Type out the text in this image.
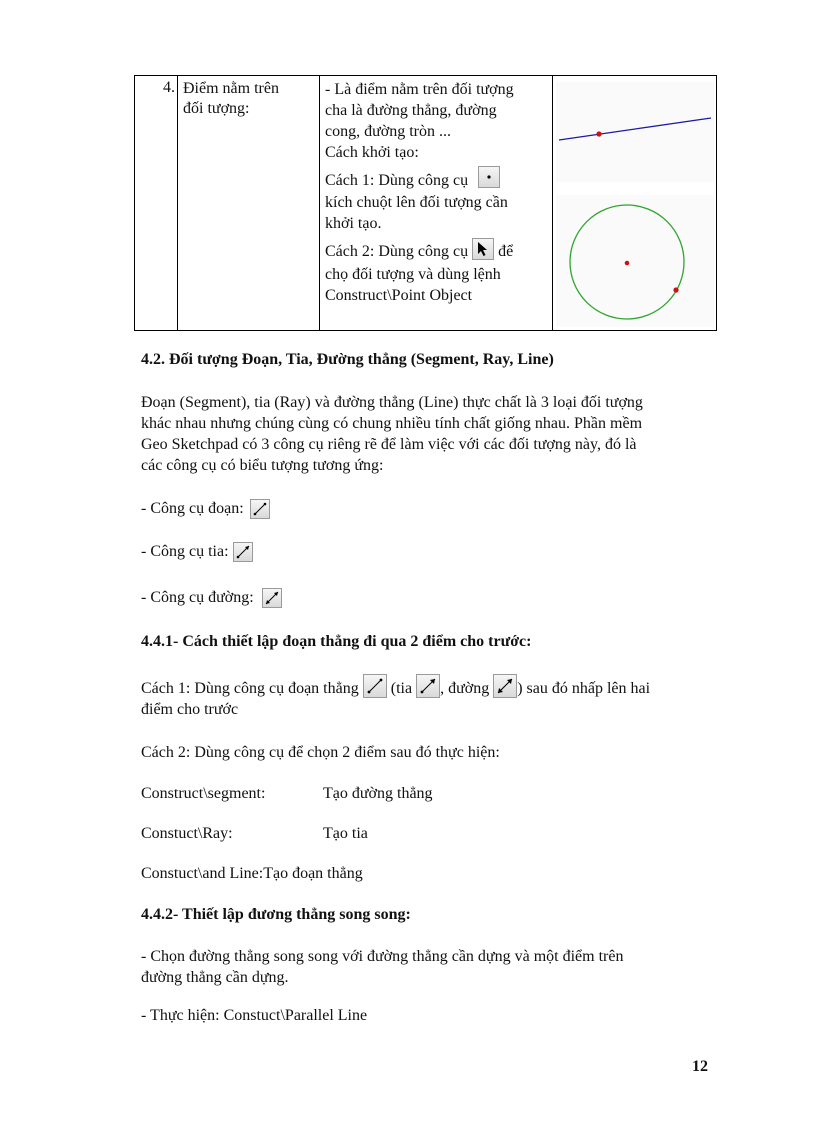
4. Điểm nằm trên
đối tượng:

- Là điểm nằm trên đối tượng

cha là đường thẳng, đường

cong, đường tròn ...

Cách khởi tạo:

Cách 1: Dùng công cụ

kích chuột lên đối tượng cần

khởi tạo.

Cách 2: Dùng công cụ để

chọ đối tượng và dùng lệnh

Construct\Point Object

4.2. Đối tượng Đoạn, Tia, Đường thẳng (Segment, Ray, Line)
Đoạn (Segment), tia (Ray) và đường thẳng (Line) thực chất là 3 loại đối tượng
khác nhau nhưng chúng cùng có chung nhiều tính chất giống nhau. Phần mềm
Geo Sketchpad có 3 công cụ riêng rẽ để làm việc với các đối tượng này, đó là
các công cụ có biểu tượng tương ứng:
- Công cụ đoạn:
- Công cụ tia:
- Công cụ đường:
4.4.1- Cách thiết lập đoạn thẳng đi qua 2 điểm cho trước:
Cách 1: Dùng công cụ đoạn thẳng (tia , đường ) sau đó nhấp lên hai
điểm cho trước
Cách 2: Dùng công cụ để chọn 2 điểm sau đó thực hiện:
Construct\segment:	Tạo đường thẳng
Constuct\Ray:	Tạo tia
Constuct\and Line:Tạo đoạn thẳng
4.4.2- Thiết lập đương thẳng song song:
- Chọn đường thẳng song song với đường thẳng cần dựng và một điểm trên
đường thẳng cần dựng.
- Thực hiện: Constuct\Parallel Line
12
